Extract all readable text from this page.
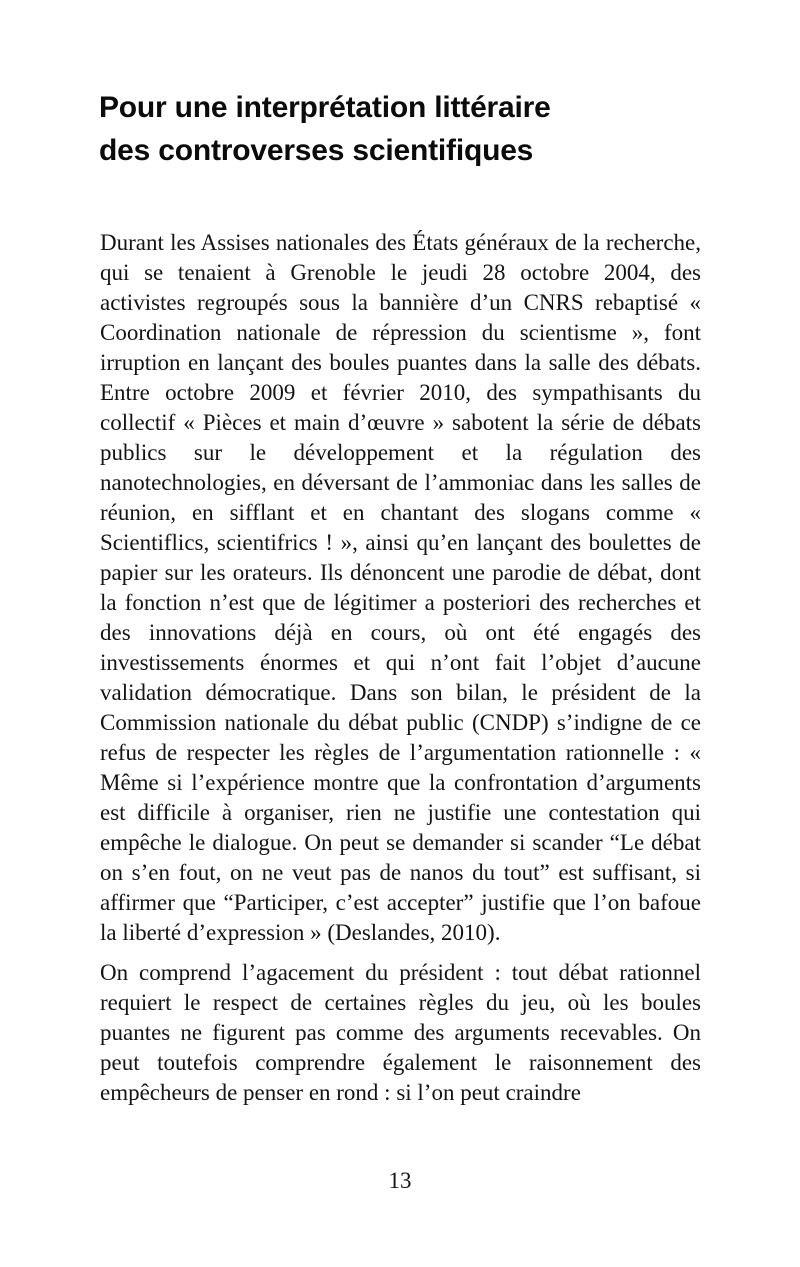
Pour une interprétation littéraire
des controverses scientifiques

Durant les Assises nationales des États généraux de la recherche, qui se tenaient à Grenoble le jeudi 28 octobre 2004, des activistes regroupés sous la bannière d’un CNRS rebaptisé « Coordination nationale de répression du scientisme », font irruption en lançant des boules puantes dans la salle des débats. Entre octobre 2009 et février 2010, des sympathisants du collectif « Pièces et main d’œuvre » sabotent la série de débats publics sur le développement et la régulation des nanotechnologies, en déversant de l’ammoniac dans les salles de réunion, en sifflant et en chantant des slogans comme « Scientiflics, scientifrics ! », ainsi qu’en lançant des boulettes de papier sur les orateurs. Ils dénoncent une parodie de débat, dont la fonction n’est que de légitimer a posteriori des recherches et des innovations déjà en cours, où ont été engagés des investissements énormes et qui n’ont fait l’objet d’aucune validation démocratique. Dans son bilan, le président de la Commission nationale du débat public (CNDP) s’indigne de ce refus de respecter les règles de l’argumentation rationnelle : « Même si l’expérience montre que la confrontation d’arguments est difficile à organiser, rien ne justifie une contestation qui empêche le dialogue. On peut se demander si scander “Le débat on s’en fout, on ne veut pas de nanos du tout” est suffisant, si affirmer que “Participer, c’est accepter” justifie que l’on bafoue la liberté d’expression » (Deslandes, 2010).

On comprend l’agacement du président : tout débat rationnel requiert le respect de certaines règles du jeu, où les boules puantes ne figurent pas comme des arguments recevables. On peut toutefois comprendre également le raisonnement des empêcheurs de penser en rond : si l’on peut craindre

13
